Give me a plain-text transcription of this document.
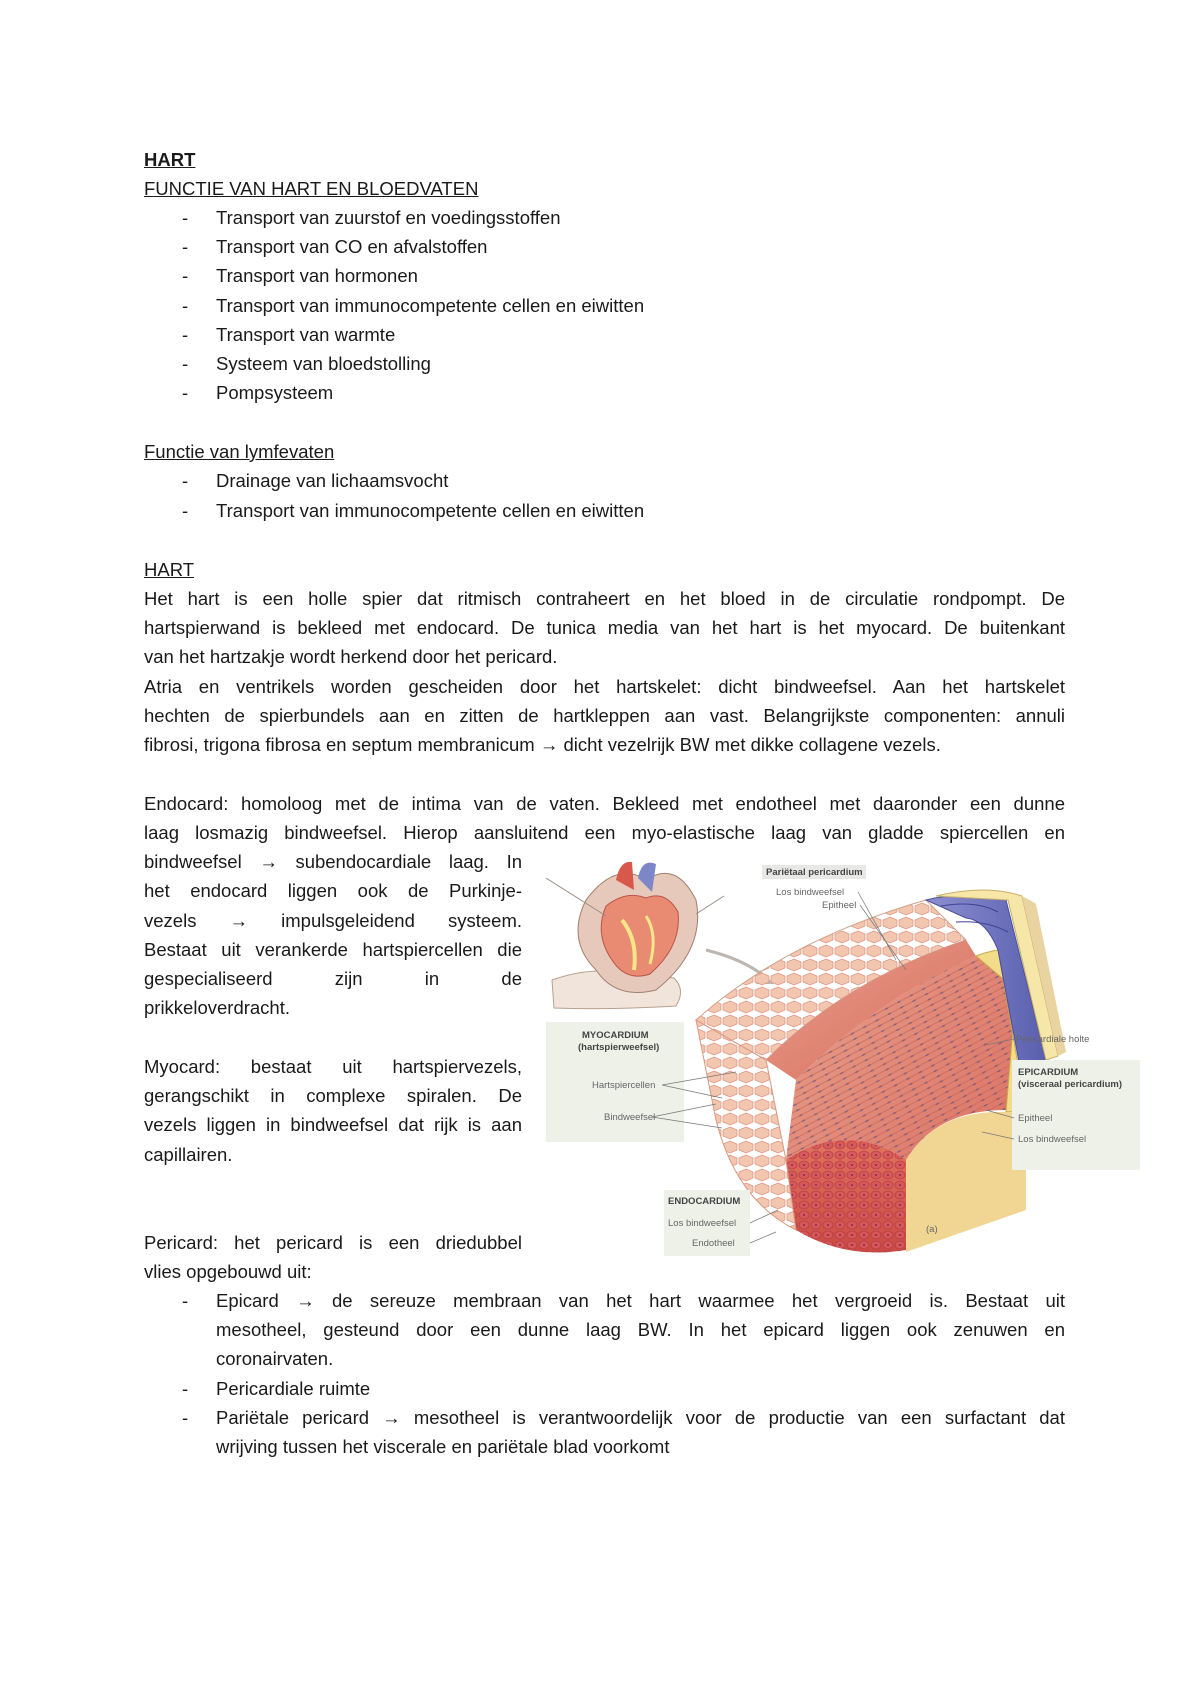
HART
FUNCTIE VAN HART EN BLOEDVATEN
- Transport van zuurstof en voedingsstoffen
- Transport van CO en afvalstoffen
- Transport van hormonen
- Transport van immunocompetente cellen en eiwitten
- Transport van warmte
- Systeem van bloedstolling
- Pompsysteem
Functie van lymfevaten
- Drainage van lichaamsvocht
- Transport van immunocompetente cellen en eiwitten
HART
Het hart is een holle spier dat ritmisch contraheert en het bloed in de circulatie rondpompt. De
hartspierwand is bekleed met endocard. De tunica media van het hart is het myocard. De buitenkant
van het hartzakje wordt herkend door het pericard.
Atria en ventrikels worden gescheiden door het hartskelet: dicht bindweefsel. Aan het hartskelet
hechten de spierbundels aan en zitten de hartkleppen aan vast. Belangrijkste componenten: annuli
fibrosi, trigona fibrosa en septum membranicum → dicht vezelrijk BW met dikke collagene vezels.
Endocard: homoloog met de intima van de vaten. Bekleed met endotheel met daaronder een dunne
laag losmazig bindweefsel. Hierop aansluitend een myo-elastische laag van gladde spiercellen en
bindweefsel → subendocardiale laag. In
het endocard liggen ook de Purkinje-
vezels → impulsgeleidend systeem.
Bestaat uit verankerde hartspiercellen die
gespecialiseerd zijn in de
prikkeloverdracht.
Myocard: bestaat uit hartspiervezels,
gerangschikt in complexe spiralen. De
vezels liggen in bindweefsel dat rijk is aan
capillairen.
Pericard: het pericard is een driedubbel
vlies opgebouwd uit:
- Epicard → de sereuze membraan van het hart waarmee het vergroeid is. Bestaat uit
mesotheel, gesteund door een dunne laag BW. In het epicard liggen ook zenuwen en
coronairvaten.
- Pericardiale ruimte
- Pariëtale pericard → mesotheel is verantwoordelijk voor de productie van een surfactant dat
wrijving tussen het viscerale en pariëtale blad voorkomt
Pariëtaal pericardium
Los bindweefsel
Epitheel
Pericardiale holte
MYOCARDIUM
(hartspierweefsel)
Hartspiercellen
Bindweefsel
EPICARDIUM
(visceraal pericardium)
Epitheel
Los bindweefsel
ENDOCARDIUM
Los bindweefsel
Endotheel
(a)
